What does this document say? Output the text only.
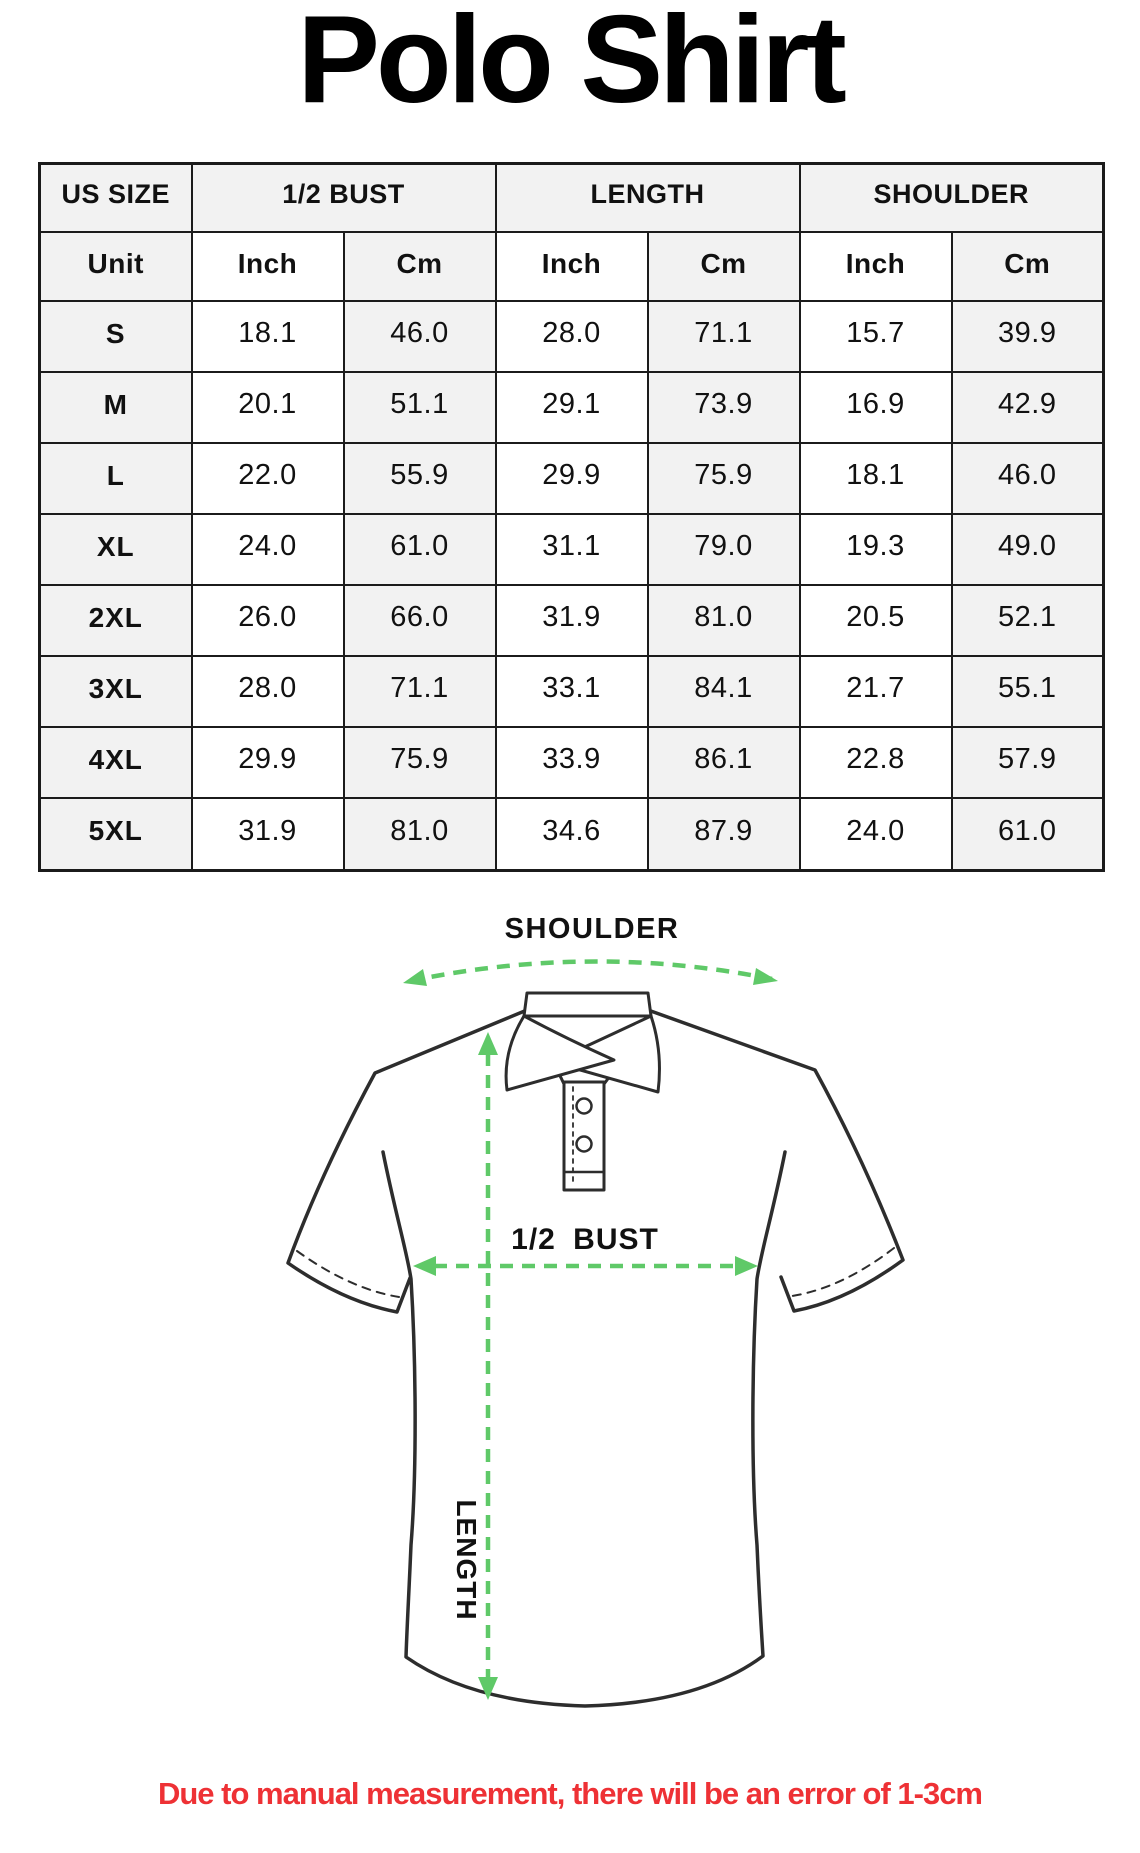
Polo Shirt
US SIZE	1/2 BUST		LENGTH		SHOULDER	
Unit	Inch	Cm	Inch	Cm	Inch	Cm
S	18.1	46.0	28.0	71.1	15.7	39.9
M	20.1	51.1	29.1	73.9	16.9	42.9
L	22.0	55.9	29.9	75.9	18.1	46.0
XL	24.0	61.0	31.1	79.0	19.3	49.0
2XL	26.0	66.0	31.9	81.0	20.5	52.1
3XL	28.0	71.1	33.1	84.1	21.7	55.1
4XL	29.9	75.9	33.9	86.1	22.8	57.9
5XL	31.9	81.0	34.6	87.9	24.0	61.0
SHOULDER
1/2 BUST
LENGTH
Due to manual measurement, there will be an error of 1-3cm
